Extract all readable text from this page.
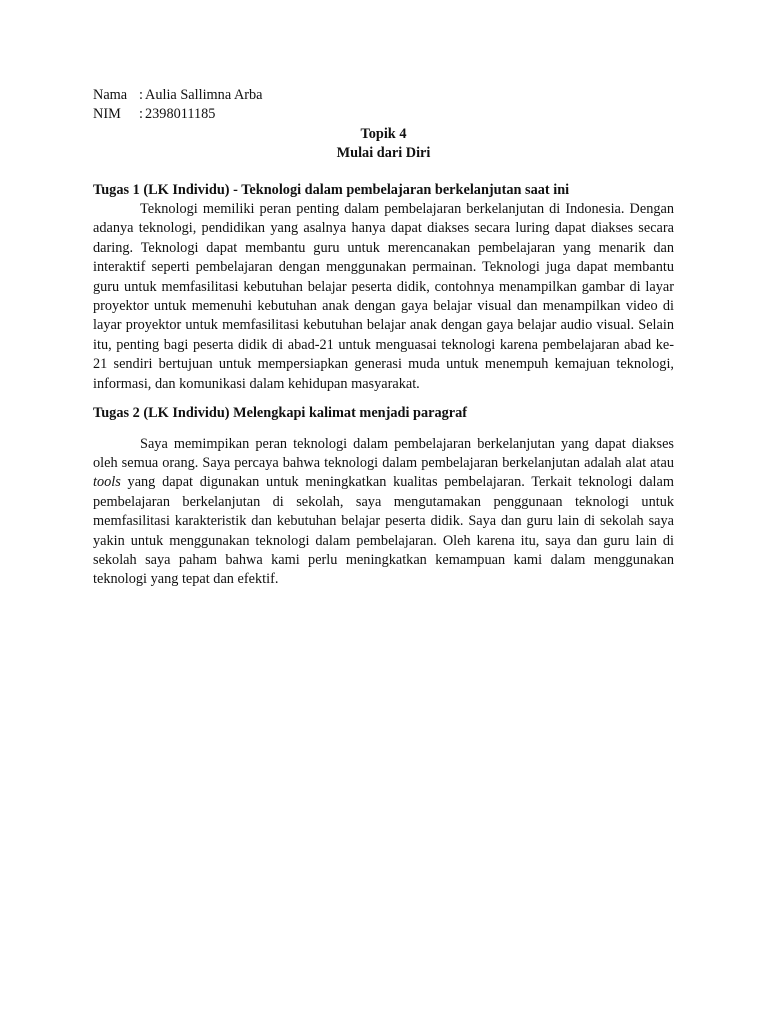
Nama : Aulia Sallimna Arba
NIM	: 2398011185
Topik 4
Mulai dari Diri
Tugas 1 (LK Individu) - Teknologi dalam pembelajaran berkelanjutan saat ini

Teknologi memiliki peran penting dalam pembelajaran berkelanjutan di Indonesia. Dengan adanya teknologi, pendidikan yang asalnya hanya dapat diakses secara luring dapat diakses secara daring. Teknologi dapat membantu guru untuk merencanakan pembelajaran yang menarik dan interaktif seperti pembelajaran dengan menggunakan permainan. Teknologi juga dapat membantu guru untuk memfasilitasi kebutuhan belajar peserta didik, contohnya menampilkan gambar di layar proyektor untuk memenuhi kebutuhan anak dengan gaya belajar visual dan menampilkan video di layar proyektor untuk memfasilitasi kebutuhan belajar anak dengan gaya belajar audio visual. Selain itu, penting bagi peserta didik di abad-21 untuk menguasai teknologi karena pembelajaran abad ke-21 sendiri bertujuan untuk mempersiapkan generasi muda untuk menempuh kemajuan teknologi, informasi, dan komunikasi dalam kehidupan masyarakat.

Tugas 2 (LK Individu) Melengkapi kalimat menjadi paragraf

Saya memimpikan peran teknologi dalam pembelajaran berkelanjutan yang dapat diakses oleh semua orang. Saya percaya bahwa teknologi dalam pembelajaran berkelanjutan adalah alat atau tools yang dapat digunakan untuk meningkatkan kualitas pembelajaran. Terkait teknologi dalam pembelajaran berkelanjutan di sekolah, saya mengutamakan penggunaan teknologi untuk memfasilitasi karakteristik dan kebutuhan belajar peserta didik. Saya dan guru lain di sekolah saya yakin untuk menggunakan teknologi dalam pembelajaran. Oleh karena itu, saya dan guru lain di sekolah saya paham bahwa kami perlu meningkatkan kemampuan kami dalam menggunakan teknologi yang tepat dan efektif.
